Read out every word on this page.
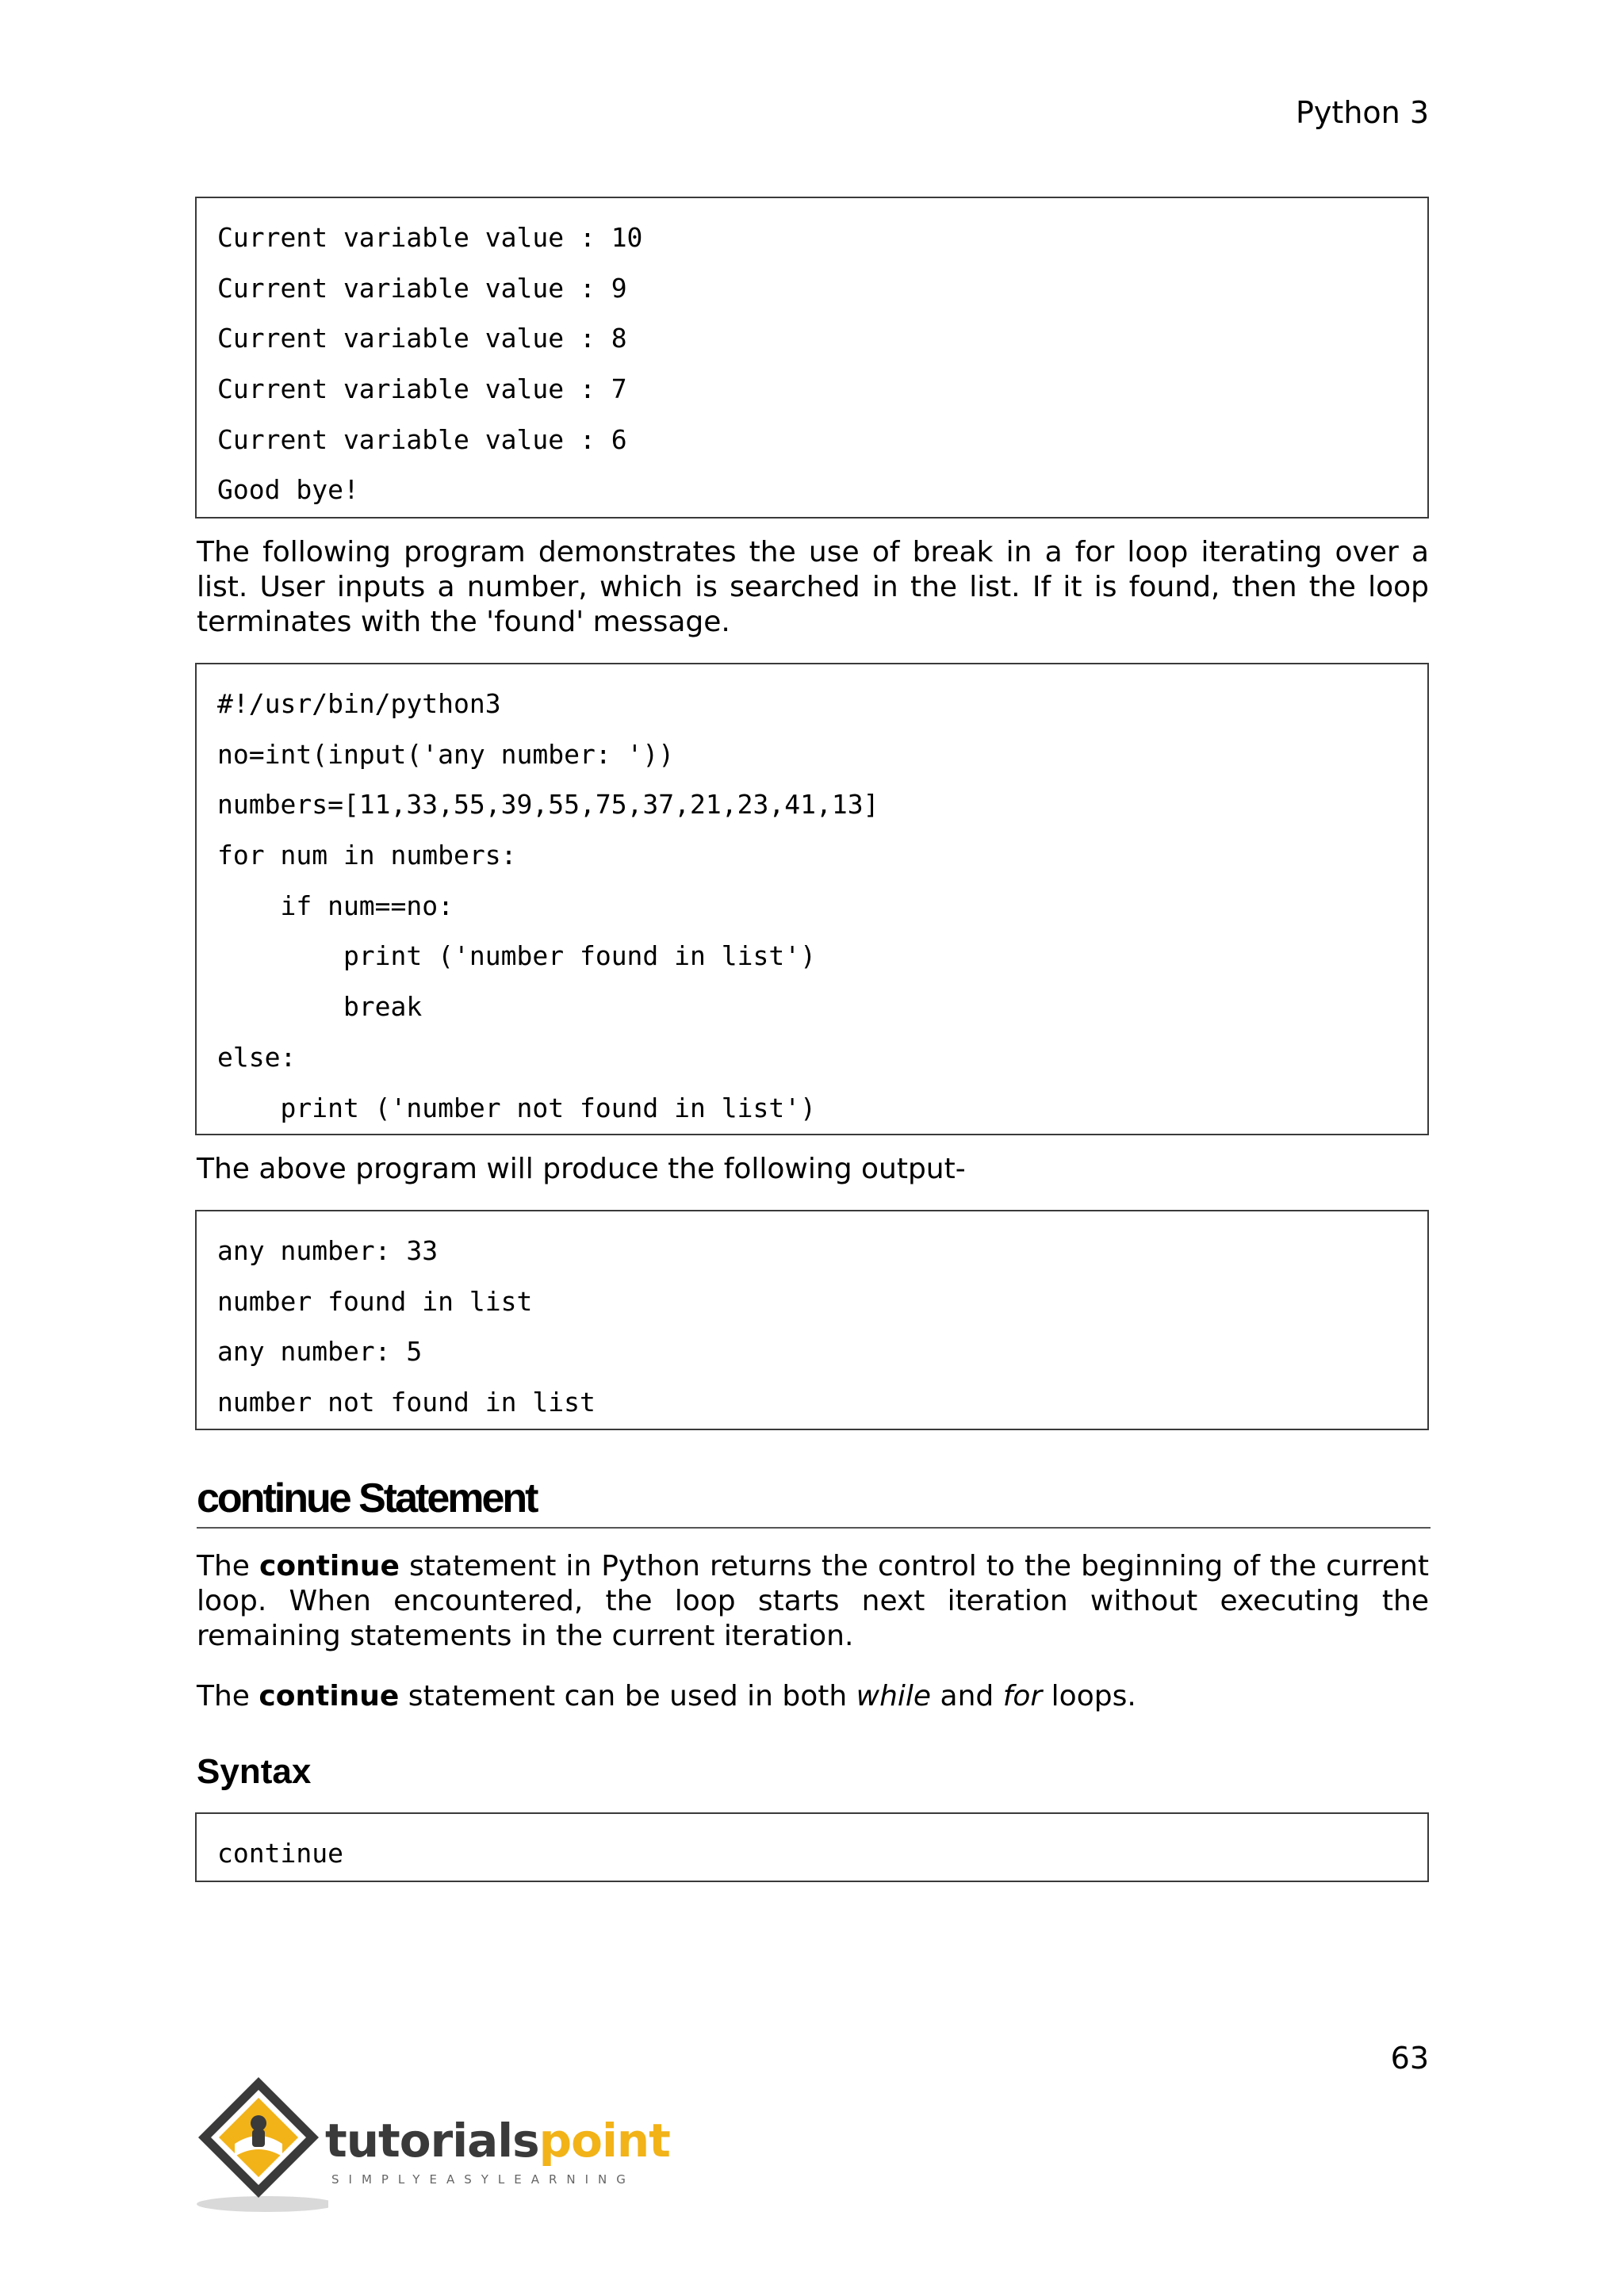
Python 3
Current variable value : 10
Current variable value : 9
Current variable value : 8
Current variable value : 7
Current variable value : 6
Good bye!
The following program demonstrates the use of break in a for loop iterating over a list. User inputs a number, which is searched in the list. If it is found, then the loop terminates with the 'found' message.
#!/usr/bin/python3
no=int(input('any number: '))
numbers=[11,33,55,39,55,75,37,21,23,41,13]
for num in numbers:
if num==no:
print ('number found in list')
break
else:
print ('number not found in list')
The above program will produce the following output-
any number: 33
number found in list
any number: 5
number not found in list
continue Statement
The continue statement in Python returns the control to the beginning of the current loop. When encountered, the loop starts next iteration without executing the remaining statements in the current iteration.
The continue statement can be used in both while and for loops.
Syntax
continue
63
tutorialspoint
SIMPLYEASYLEARNING
